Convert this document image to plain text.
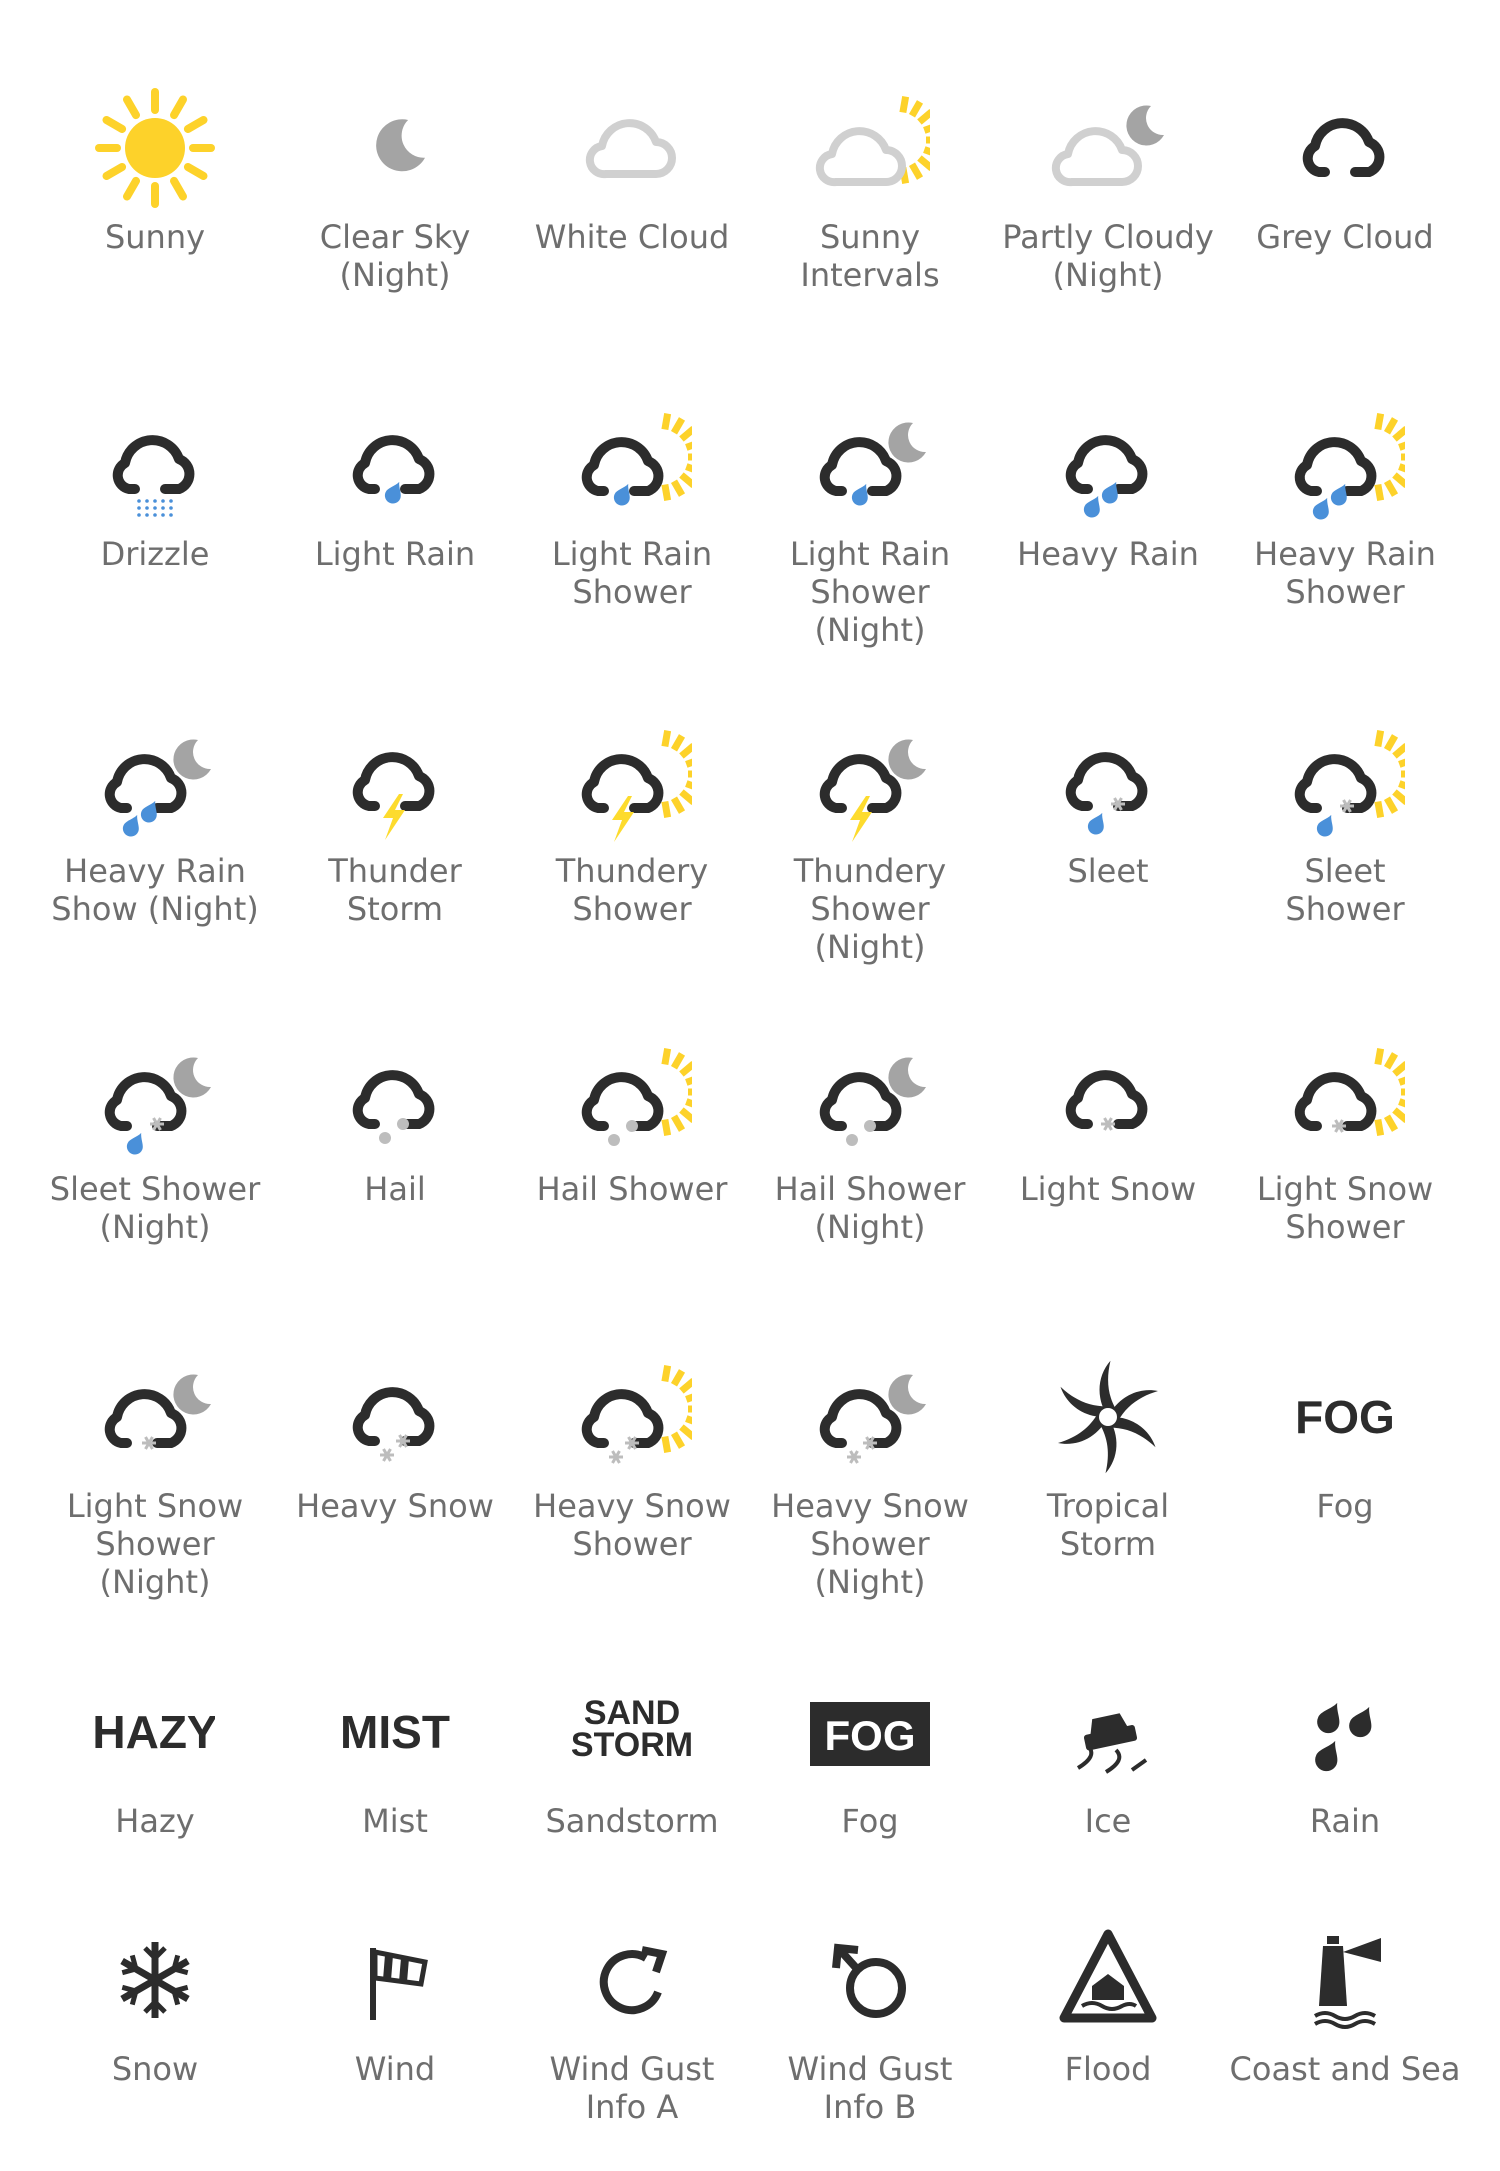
Sunny	Clear Sky
(Night)
White Cloud	Sunny
Intervals
Partly Cloudy
(Night)
Grey Cloud
Drizzle	Light Rain	Light Rain
Shower
Light Rain
Shower (Night)
Heavy Rain	Heavy Rain
Shower
Heavy Rain
Show (Night)
Thunder
Storm
Thundery
Shower
Thundery
Shower (Night)
Sleet	Sleet
Shower
Sleet Shower
(Night)
Hail	Hail Shower	Hail Shower
(Night)
Light Snow	Light Snow
Shower
Light Snow
Shower (Night)
Heavy Snow	Heavy Snow
Shower
Heavy Snow
Shower (Night)
Tropical
Storm
FOG
Fog
HAZY
Hazy
MIST
Mist
SAND STORM
Sandstorm
FOG
Fog	Ice	Rain
Snow	Wind	Wind Gust
Info A
Wind Gust
Info B
Flood	Coast and Sea
